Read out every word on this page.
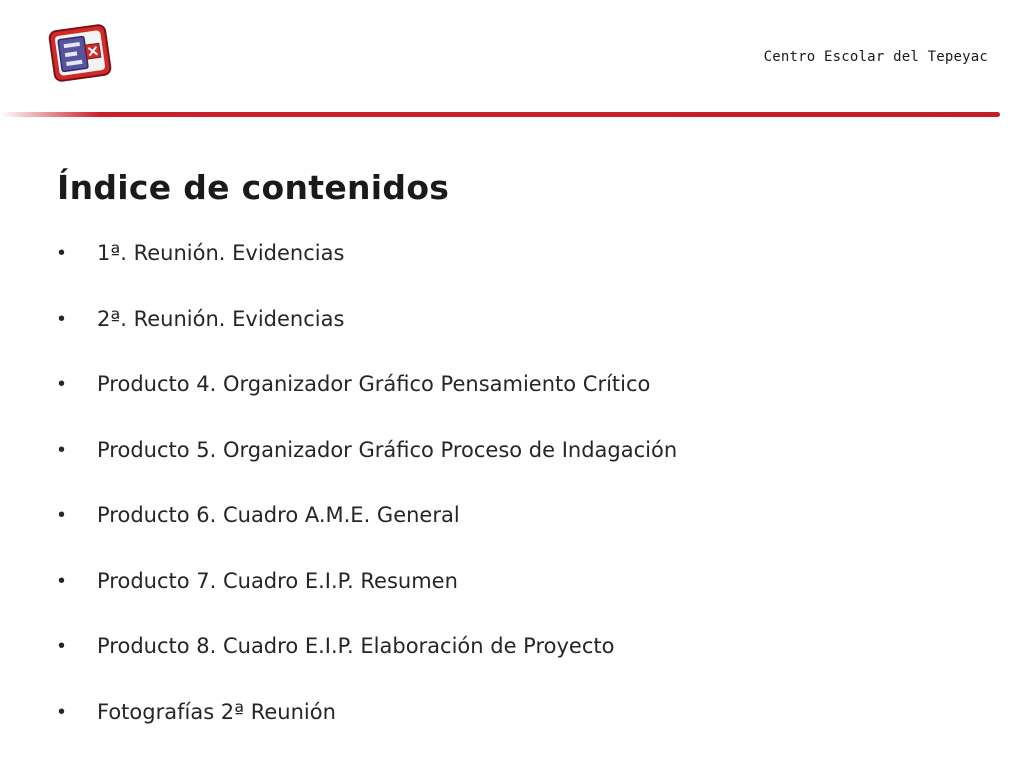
Centro Escolar del Tepeyac
Índice de contenidos
• 1ª. Reunión. Evidencias
• 2ª. Reunión. Evidencias
• Producto 4. Organizador Gráfico Pensamiento Crítico
• Producto 5. Organizador Gráfico Proceso de Indagación
• Producto 6. Cuadro A.M.E. General
• Producto 7. Cuadro E.I.P. Resumen
• Producto 8. Cuadro E.I.P. Elaboración de Proyecto
• Fotografías 2ª Reunión
